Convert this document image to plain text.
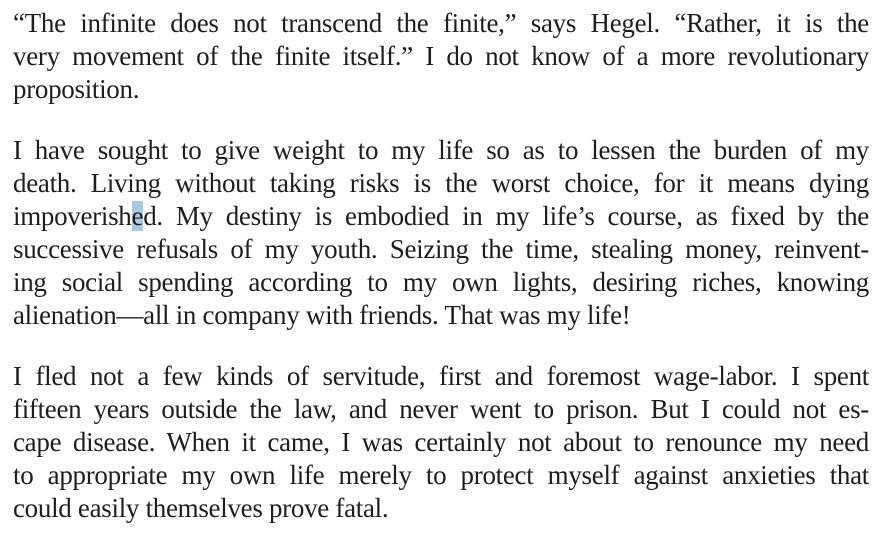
“The infinite does not transcend the finite,” says Hegel. “Rather, it is the
very movement of the finite itself.” I do not know of a more revolutionary
proposition.
I have sought to give weight to my life so as to lessen the burden of my
death. Living without taking risks is the worst choice, for it means dying
impoverished. My destiny is embodied in my life’s course, as fixed by the
successive refusals of my youth. Seizing the time, stealing money, reinvent-
ing social spending according to my own lights, desiring riches, knowing
alienation—all in company with friends. That was my life!
I fled not a few kinds of servitude, first and foremost wage-labor. I spent
fifteen years outside the law, and never went to prison. But I could not es-
cape disease. When it came, I was certainly not about to renounce my need
to appropriate my own life merely to protect myself against anxieties that
could easily themselves prove fatal.
